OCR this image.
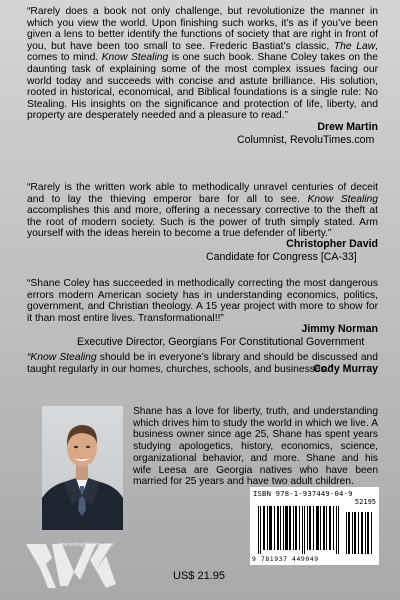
“Rarely does a book not only challenge, but revolutionize the manner in which you view the world. Upon finishing such works, it’s as if you’ve been given a lens to better identify the functions of society that are right in front of you, but have been too small to see. Frederic Bastiat’s classic, The Law, comes to mind. Know Stealing is one such book. Shane Coley takes on the daunting task of explaining some of the most complex issues facing our world today and succeeds with concise and astute brilliance. His solution, rooted in historical, economical, and Biblical foundations is a single rule: No Stealing. His insights on the significance and protection of life, liberty, and property are desperately needed and a pleasure to read.”

Drew Martin
Columnist, RevoluTimes.com

“Rarely is the written work able to methodically unravel centuries of deceit and to lay the thieving emperor bare for all to see. Know Stealing accomplishes this and more, offering a necessary corrective to the theft at the root of modern society. Such is the power of truth simply stated. Arm yourself with the ideas herein to become a true defender of liberty.”

Christopher David
Candidate for Congress [CA-33]

“Shane Coley has succeeded in methodically correcting the most dangerous errors modern American society has in understanding economics, politics, government, and Christian theology. A 15 year project with more to show for it than most entire lives. Transformational!!”

Jimmy Norman
Executive Director, Georgians For Constitutional Government

“Know Stealing should be in everyone’s library and should be discussed and taught regularly in our homes, churches, schools, and businesses.”

Cody Murray

Shane has a love for liberty, truth, and understanding which drives him to study the world in which we live. A business owner since age 25, Shane has spent years studying apologetics, history, economics, science, organizational behavior, and more. Shane and his wife Leesa are Georgia natives who have been married for 25 years and have two adult children.

ISBN 978-1-937449-04-9
52195
9 781937 449049
InterestingWriting.com
US$ 21.95
